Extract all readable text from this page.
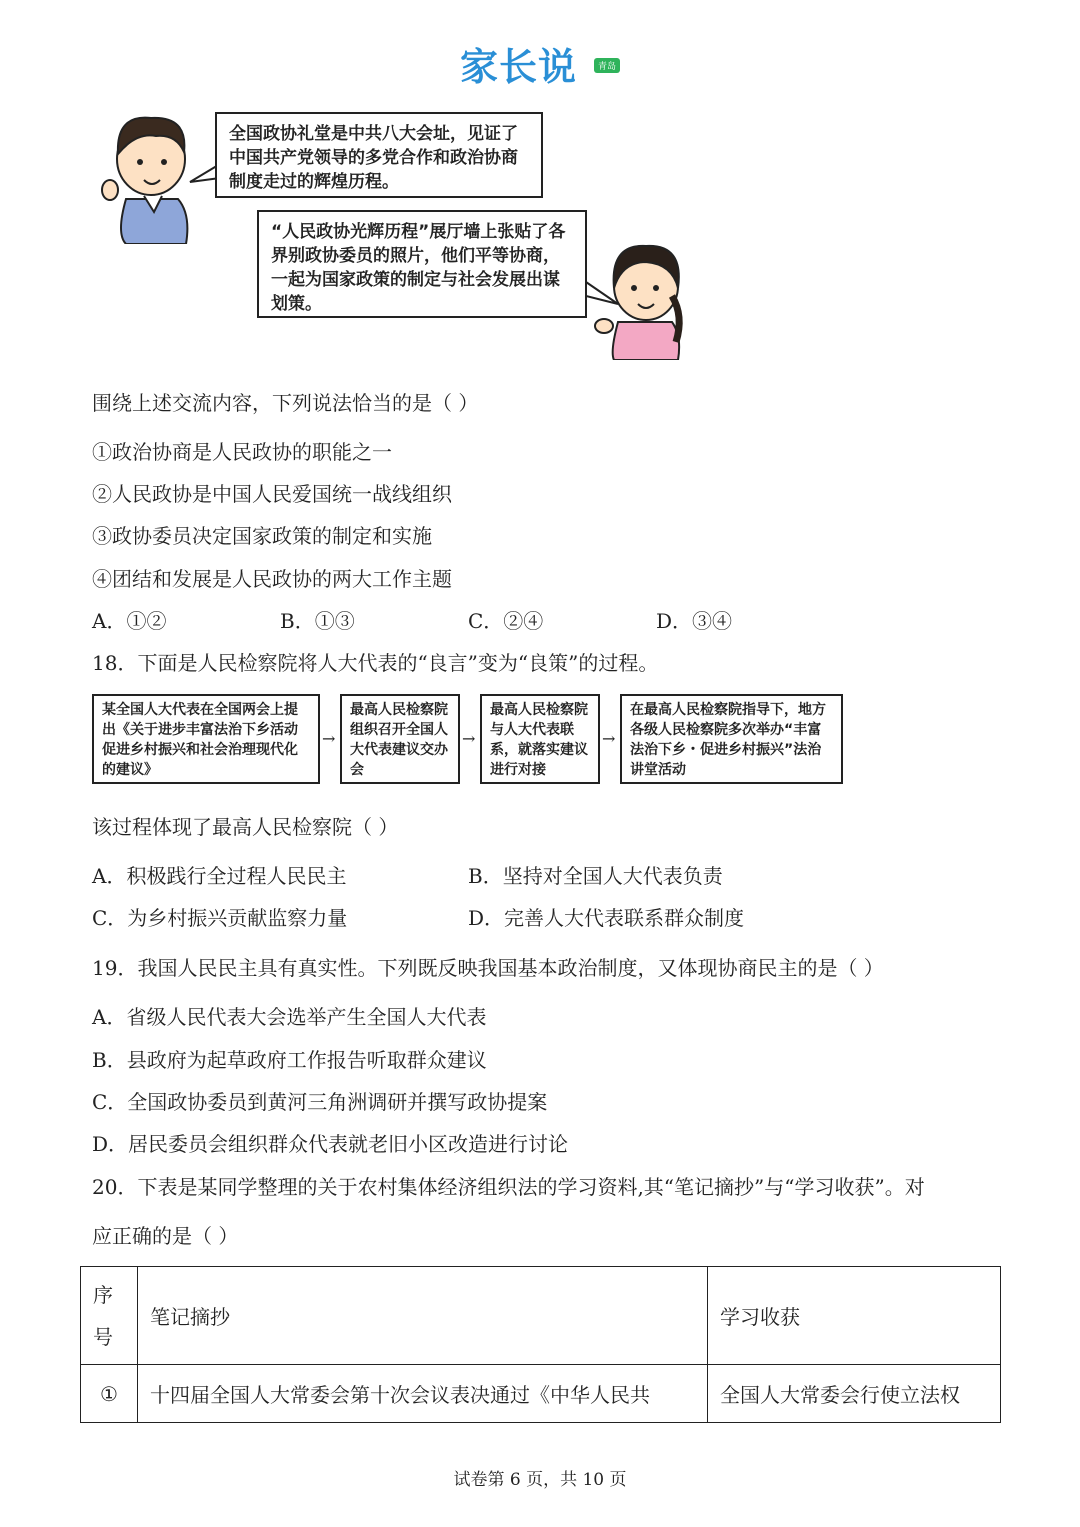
家长说	青岛
全国政协礼堂是中共八大会址，见证了中国共产党领导的多党合作和政治协商制度走过的辉煌历程。
“人民政协光辉历程”展厅墙上张贴了各界别政协委员的照片，他们平等协商，一起为国家政策的制定与社会发展出谋划策。
围绕上述交流内容，下列说法恰当的是（ ）
①政治协商是人民政协的职能之一
②人民政协是中国人民爱国统一战线组织
③政协委员决定国家政策的制定和实施
④团结和发展是人民政协的两大工作主题
A．①②	B．①③	C．②④	D．③④
18．下面是人民检察院将人大代表的“良言”变为“良策”的过程。
某全国人大代表在全国两会上提出《关于进步丰富法治下乡活动促进乡村振兴和社会治理现代化的建议》
→
最高人民检察院组织召开全国人大代表建议交办会
→
最高人民检察院与人大代表联系，就落实建议进行对接
→
在最高人民检察院指导下，地方各级人民检察院多次举办“丰富法治下乡・促进乡村振兴”法治讲堂活动
该过程体现了最高人民检察院（ ）
A．积极践行全过程人民民主	B．坚持对全国人大代表负责
C．为乡村振兴贡献监察力量	D．完善人大代表联系群众制度
19．我国人民民主具有真实性。下列既反映我国基本政治制度，又体现协商民主的是（ ）
A．省级人民代表大会选举产生全国人大代表
B．县政府为起草政府工作报告听取群众建议
C．全国政协委员到黄河三角洲调研并撰写政协提案
D．居民委员会组织群众代表就老旧小区改造进行讨论
20．下表是某同学整理的关于农村集体经济组织法的学习资料,其“笔记摘抄”与“学习收获”。对
应正确的是（ ）
序号	笔记摘抄	学习收获
①	十四届全国人大常委会第十次会议表决通过《中华人民共	全国人大常委会行使立法权
试卷第 6 页，共 10 页
